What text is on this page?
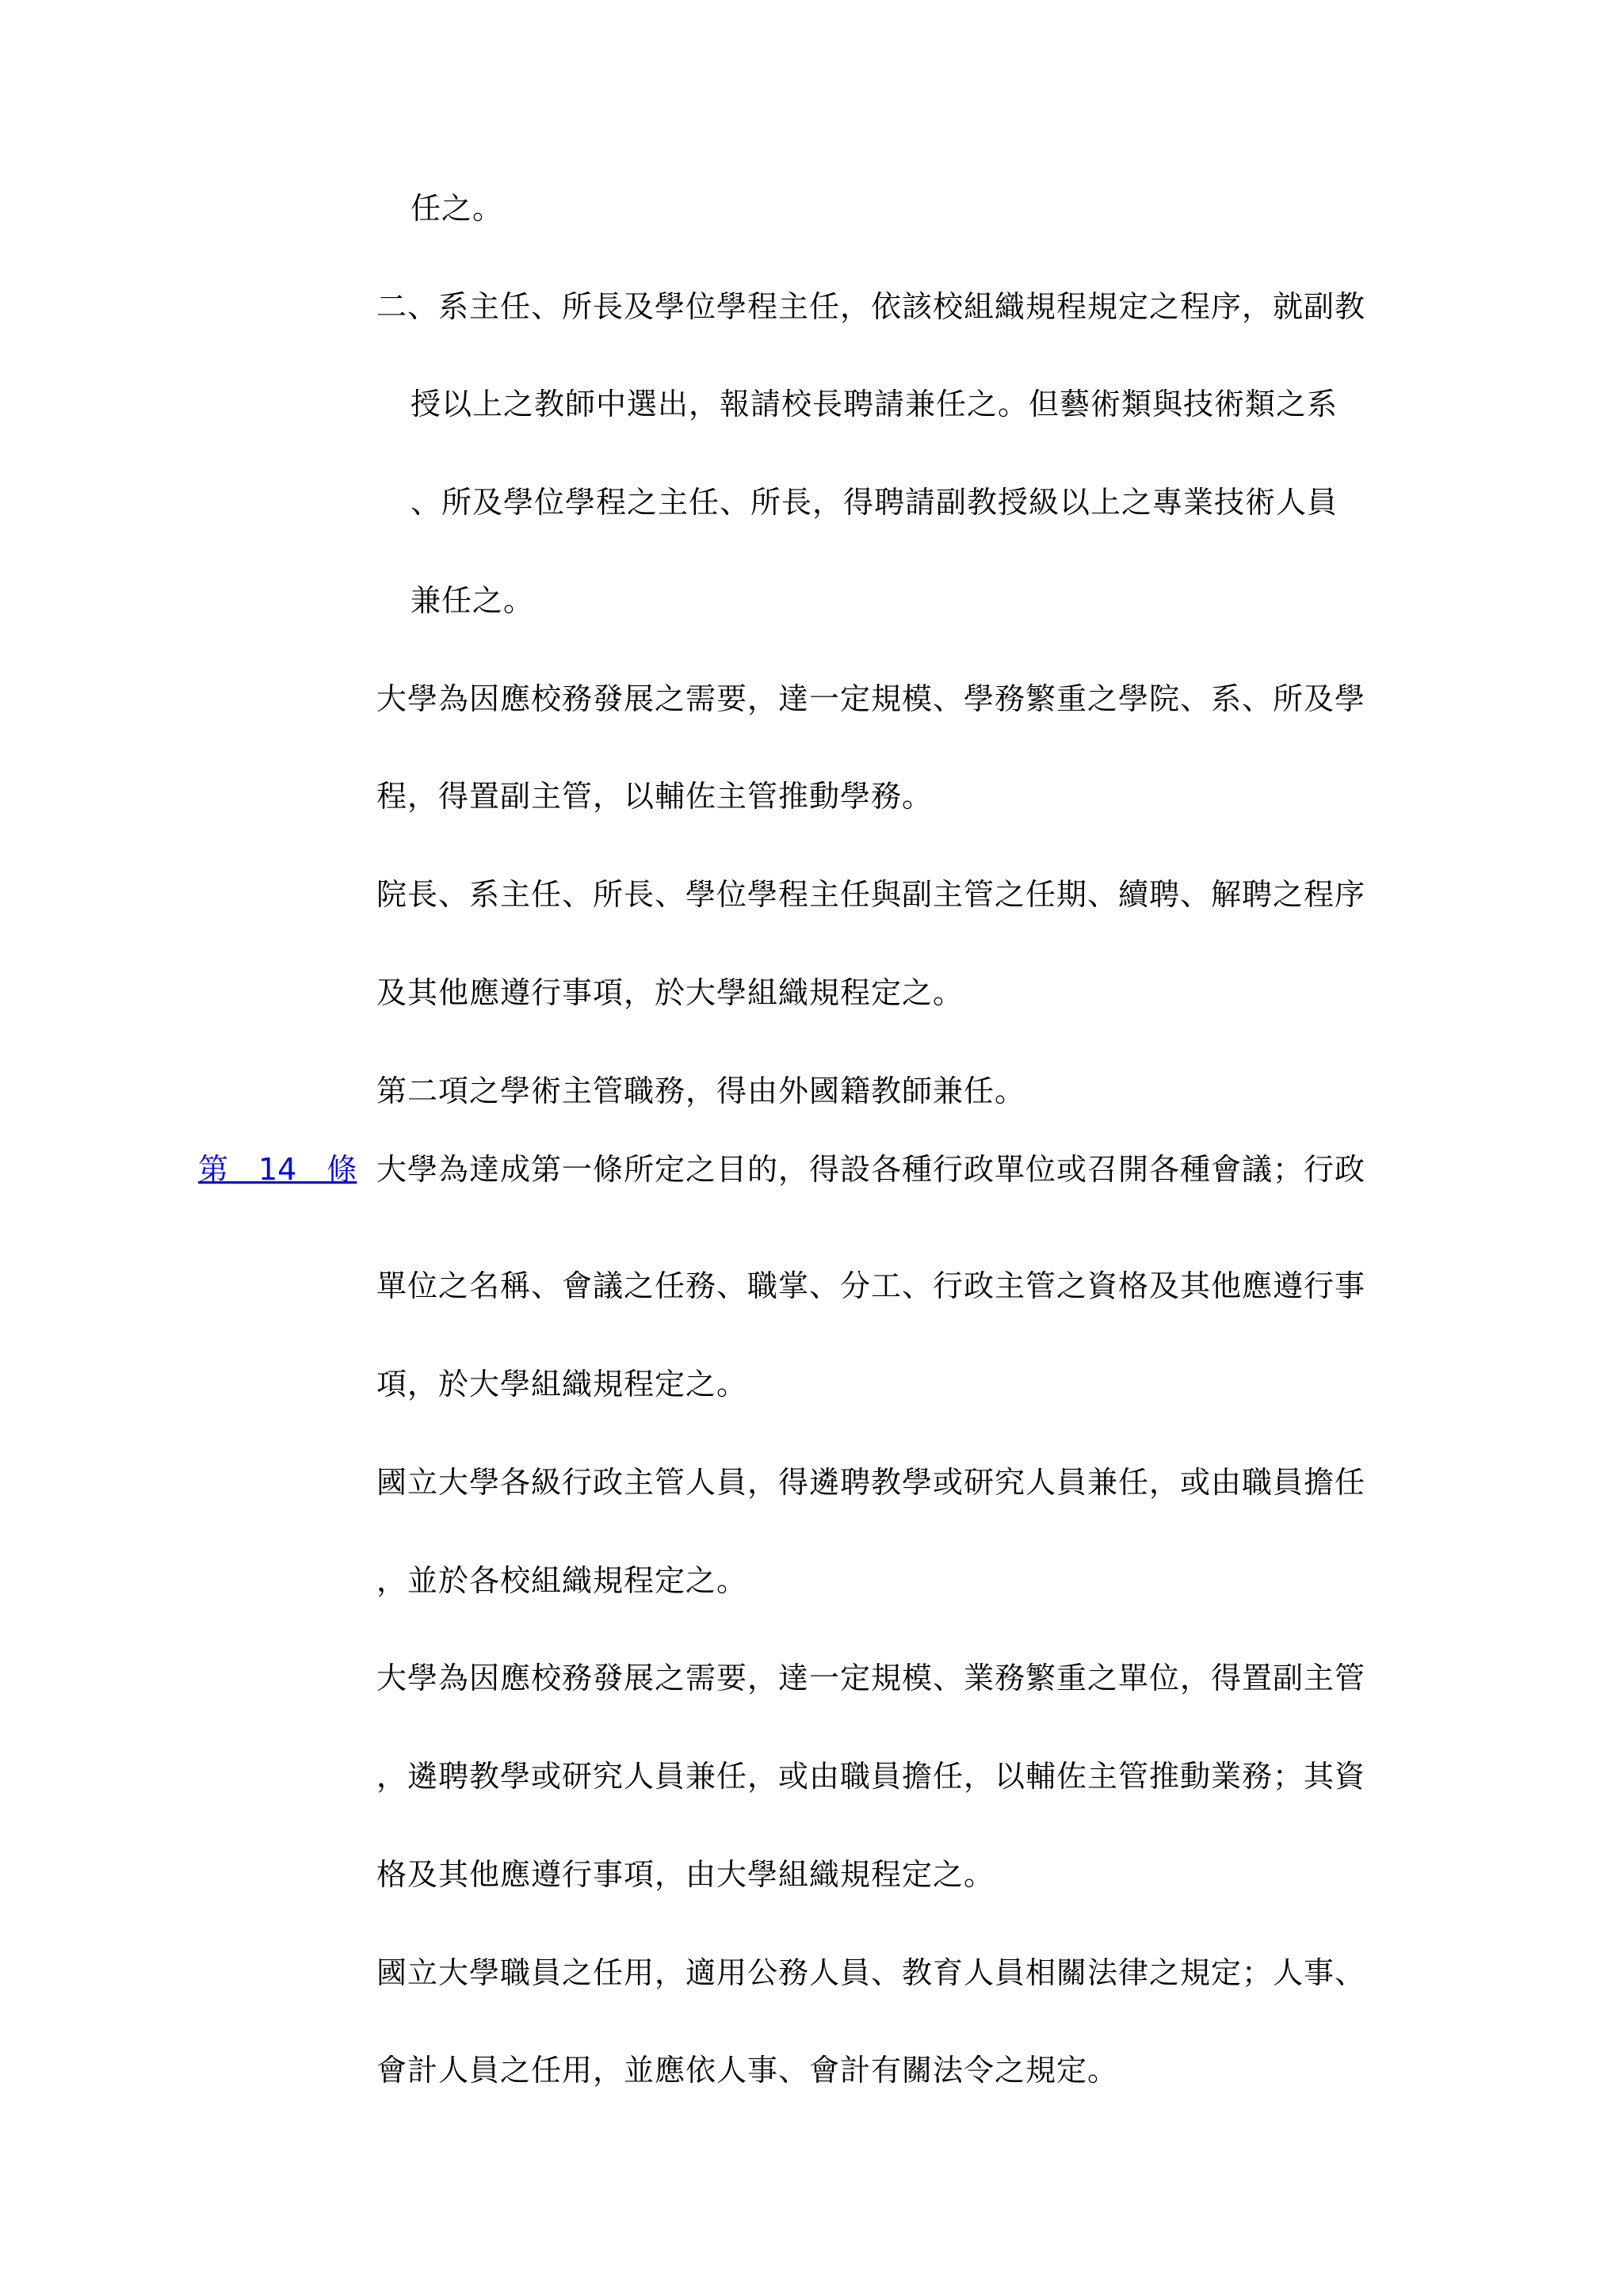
任之。
二、系主任、所長及學位學程主任，依該校組織規程規定之程序，就副教
授以上之教師中選出，報請校長聘請兼任之。但藝術類與技術類之系
、所及學位學程之主任、所長，得聘請副教授級以上之專業技術人員
兼任之。
大學為因應校務發展之需要，達一定規模、學務繁重之學院、系、所及學
程，得置副主管，以輔佐主管推動學務。
院長、系主任、所長、學位學程主任與副主管之任期、續聘、解聘之程序
及其他應遵行事項，於大學組織規程定之。
第二項之學術主管職務，得由外國籍教師兼任。
第　14　條 大學為達成第一條所定之目的，得設各種行政單位或召開各種會議；行政
單位之名稱、會議之任務、職掌、分工、行政主管之資格及其他應遵行事
項，於大學組織規程定之。
國立大學各級行政主管人員，得遴聘教學或研究人員兼任，或由職員擔任
，並於各校組織規程定之。
大學為因應校務發展之需要，達一定規模、業務繁重之單位，得置副主管
，遴聘教學或研究人員兼任，或由職員擔任，以輔佐主管推動業務；其資
格及其他應遵行事項，由大學組織規程定之。
國立大學職員之任用，適用公務人員、教育人員相關法律之規定；人事、
會計人員之任用，並應依人事、會計有關法令之規定。
